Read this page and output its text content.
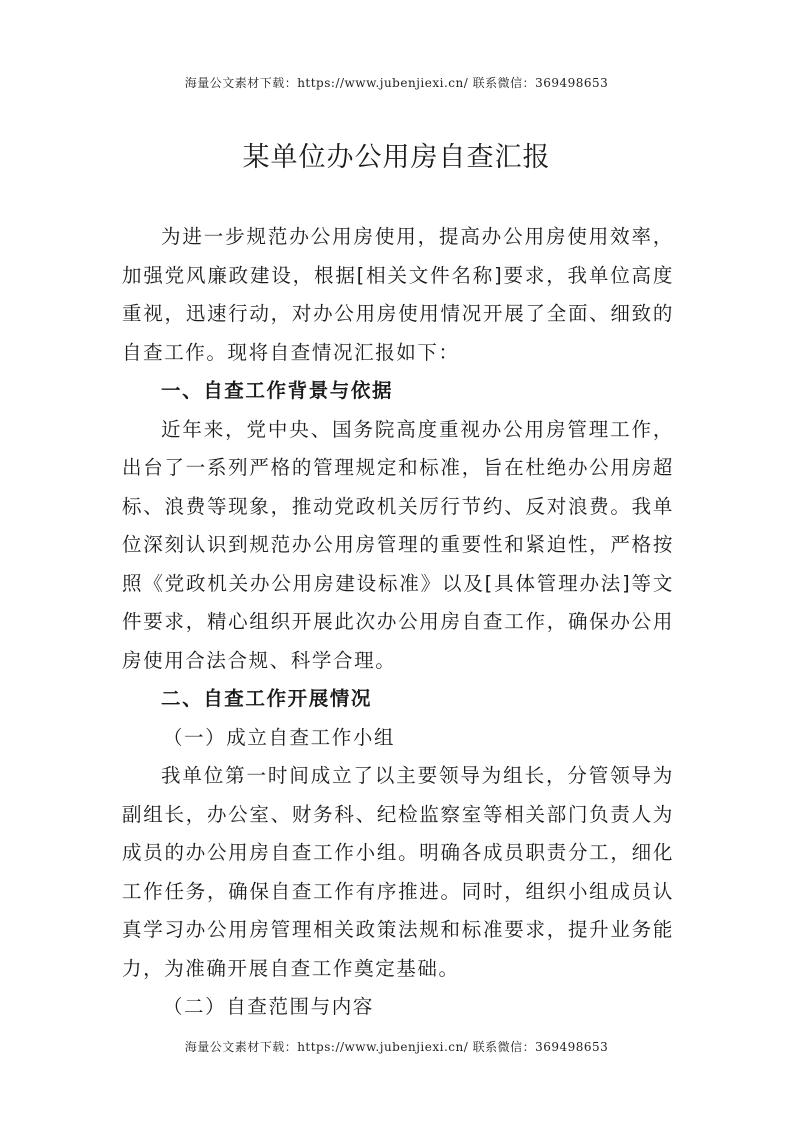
海量公文素材下载：https://www.jubenjiexi.cn/ 联系微信：369498653
某单位办公用房自查汇报

为进一步规范办公用房使用，提高办公用房使用效率，加强党风廉政建设，根据[相关文件名称]要求，我单位高度重视，迅速行动，对办公用房使用情况开展了全面、细致的自查工作。现将自查情况汇报如下：

一、自查工作背景与依据

近年来，党中央、国务院高度重视办公用房管理工作，出台了一系列严格的管理规定和标准，旨在杜绝办公用房超标、浪费等现象，推动党政机关厉行节约、反对浪费。我单位深刻认识到规范办公用房管理的重要性和紧迫性，严格按照《党政机关办公用房建设标准》以及[具体管理办法]等文件要求，精心组织开展此次办公用房自查工作，确保办公用房使用合法合规、科学合理。

二、自查工作开展情况

（一）成立自查工作小组

我单位第一时间成立了以主要领导为组长，分管领导为副组长，办公室、财务科、纪检监察室等相关部门负责人为成员的办公用房自查工作小组。明确各成员职责分工，细化工作任务，确保自查工作有序推进。同时，组织小组成员认真学习办公用房管理相关政策法规和标准要求，提升业务能力，为准确开展自查工作奠定基础。

（二）自查范围与内容

海量公文素材下载：https://www.jubenjiexi.cn/ 联系微信：369498653
